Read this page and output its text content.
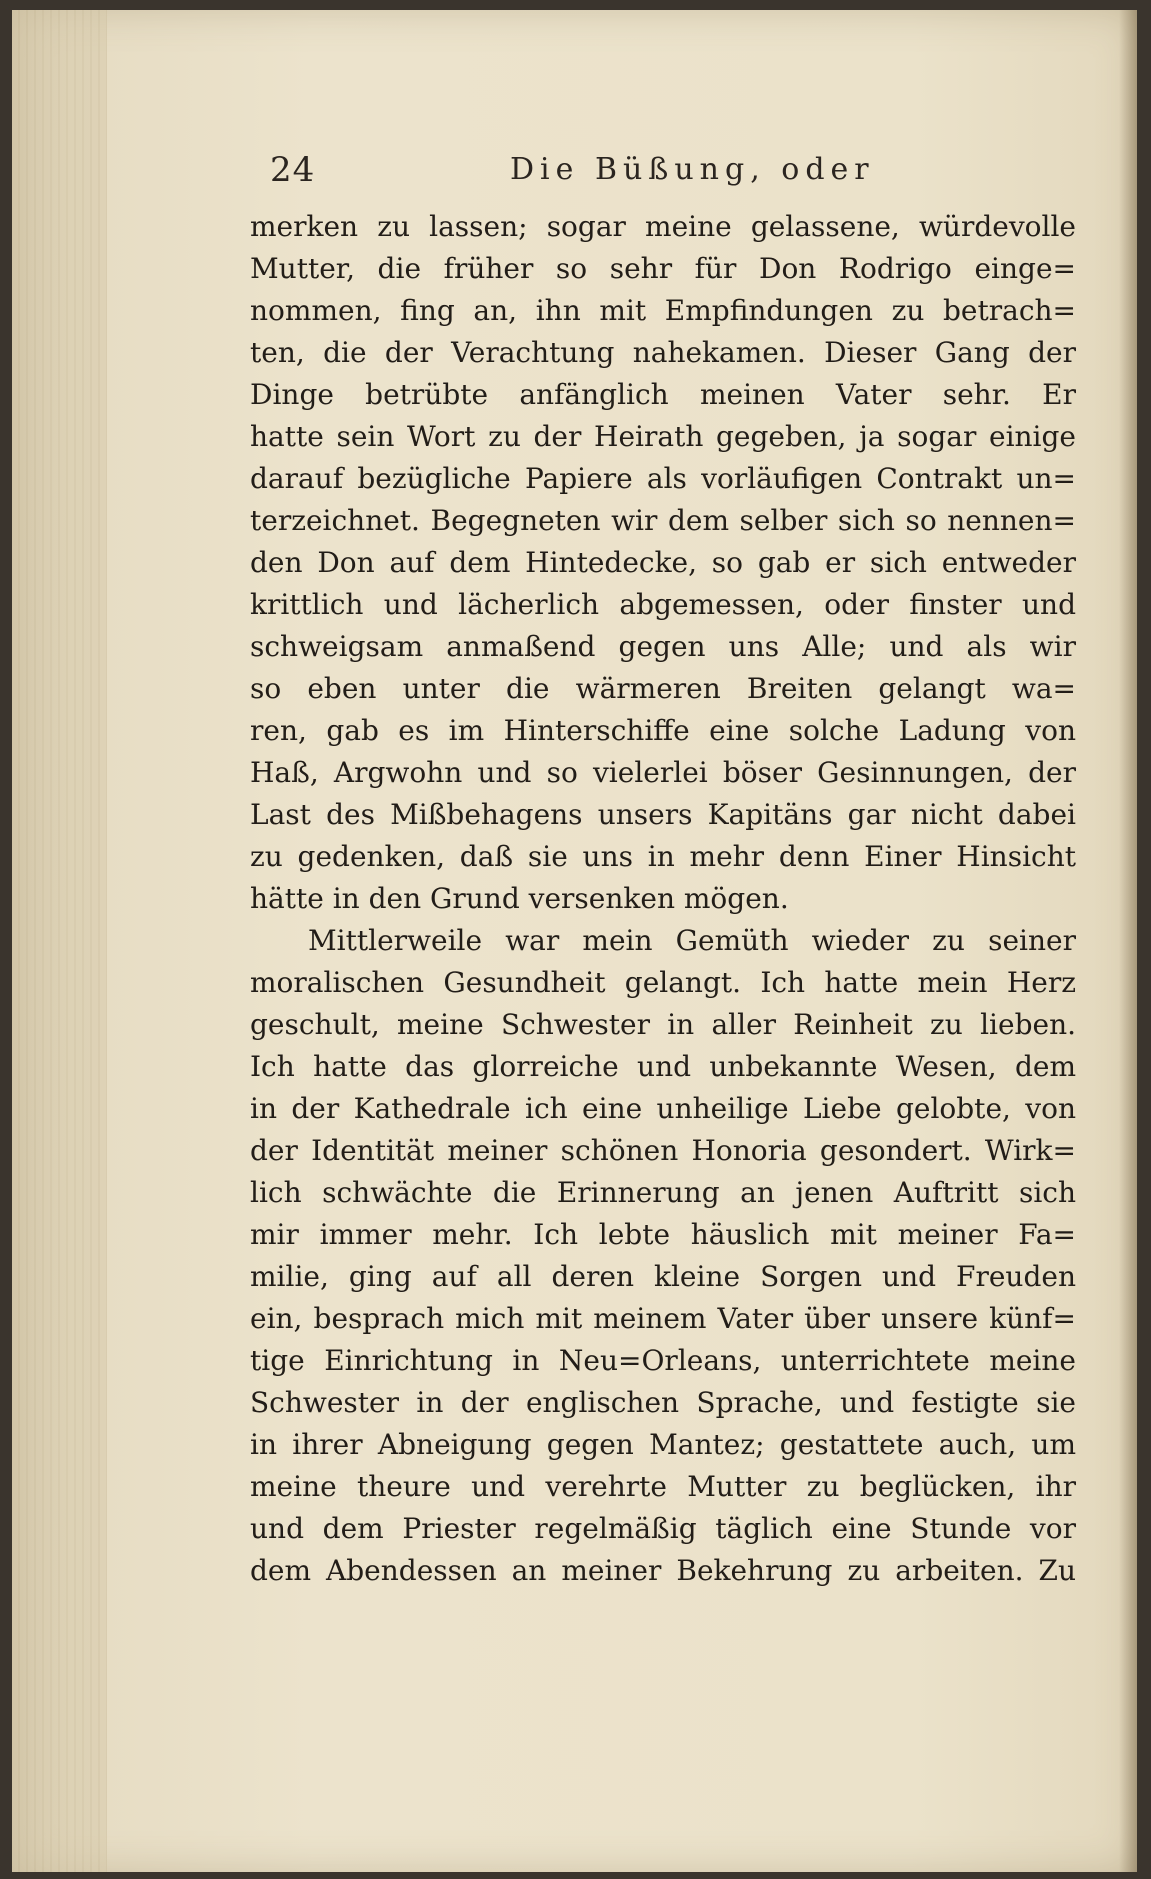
24	Die Büßung, oder
merken zu lassen; sogar meine gelassene, würdevolle
Mutter, die früher so sehr für Don Rodrigo einge=
nommen, fing an, ihn mit Empfindungen zu betrach=
ten, die der Verachtung nahekamen. Dieser Gang der
Dinge betrübte anfänglich meinen Vater sehr. Er
hatte sein Wort zu der Heirath gegeben, ja sogar einige
darauf bezügliche Papiere als vorläufigen Contrakt un=
terzeichnet. Begegneten wir dem selber sich so nennen=
den Don auf dem Hintedecke, so gab er sich entweder
krittlich und lächerlich abgemessen, oder finster und
schweigsam anmaßend gegen uns Alle; und als wir
so eben unter die wärmeren Breiten gelangt wa=
ren, gab es im Hinterschiffe eine solche Ladung von
Haß, Argwohn und so vielerlei böser Gesinnungen, der
Last des Mißbehagens unsers Kapitäns gar nicht dabei
zu gedenken, daß sie uns in mehr denn Einer Hinsicht
hätte in den Grund versenken mögen.
Mittlerweile war mein Gemüth wieder zu seiner
moralischen Gesundheit gelangt. Ich hatte mein Herz
geschult, meine Schwester in aller Reinheit zu lieben.
Ich hatte das glorreiche und unbekannte Wesen, dem
in der Kathedrale ich eine unheilige Liebe gelobte, von
der Identität meiner schönen Honoria gesondert. Wirk=
lich schwächte die Erinnerung an jenen Auftritt sich
mir immer mehr. Ich lebte häuslich mit meiner Fa=
milie, ging auf all deren kleine Sorgen und Freuden
ein, besprach mich mit meinem Vater über unsere künf=
tige Einrichtung in Neu=Orleans, unterrichtete meine
Schwester in der englischen Sprache, und festigte sie
in ihrer Abneigung gegen Mantez; gestattete auch, um
meine theure und verehrte Mutter zu beglücken, ihr
und dem Priester regelmäßig täglich eine Stunde vor
dem Abendessen an meiner Bekehrung zu arbeiten. Zu
